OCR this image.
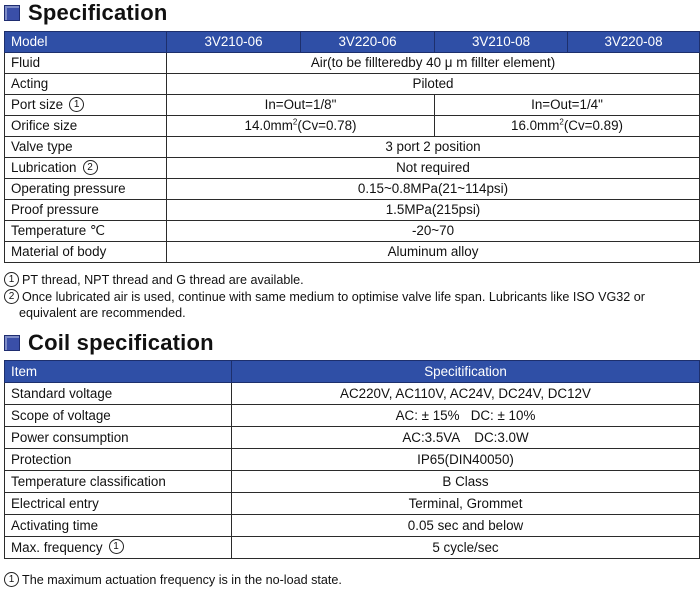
Specification
Model	3V210-06	3V220-06	3V210-08	3V220-08
Fluid	Air(to be fillteredby 40 μ m fillter element)			
Acting	Piloted			
Port size 1	In=Out=1/8"		In=Out=1/4"	
Orifice size	$14.0mm^2(Cv=0.78)$		$16.0mm^2(Cv=0.89)$	
Valve type	3 port 2 position			
Lubrication 2	Not required			
Operating pressure	0.15~0.8MPa(21~114psi)			
Proof pressure	1.5MPa(215psi)			
Temperature ℃	-20~70			
Material of body	Aluminum alloy			
1 PT thread, NPT thread and G thread are available.
2 Once lubricated air is used, continue with same medium to optimise valve life span. Lubricants like ISO VG32 or
equivalent are recommended.
Coil specification
Item	Specitification
Standard voltage	AC220V, AC110V, AC24V, DC24V, DC12V
Scope of voltage	AC: ± 15%   DC: ± 10%
Power consumption	AC:3.5VA    DC:3.0W
Protection	IP65(DIN40050)
Temperature classification	B Class
Electrical entry	Terminal, Grommet
Activating time	0.05 sec and below
Max. frequency 1	5 cycle/sec
1 The maximum actuation frequency is in the no-load state.
